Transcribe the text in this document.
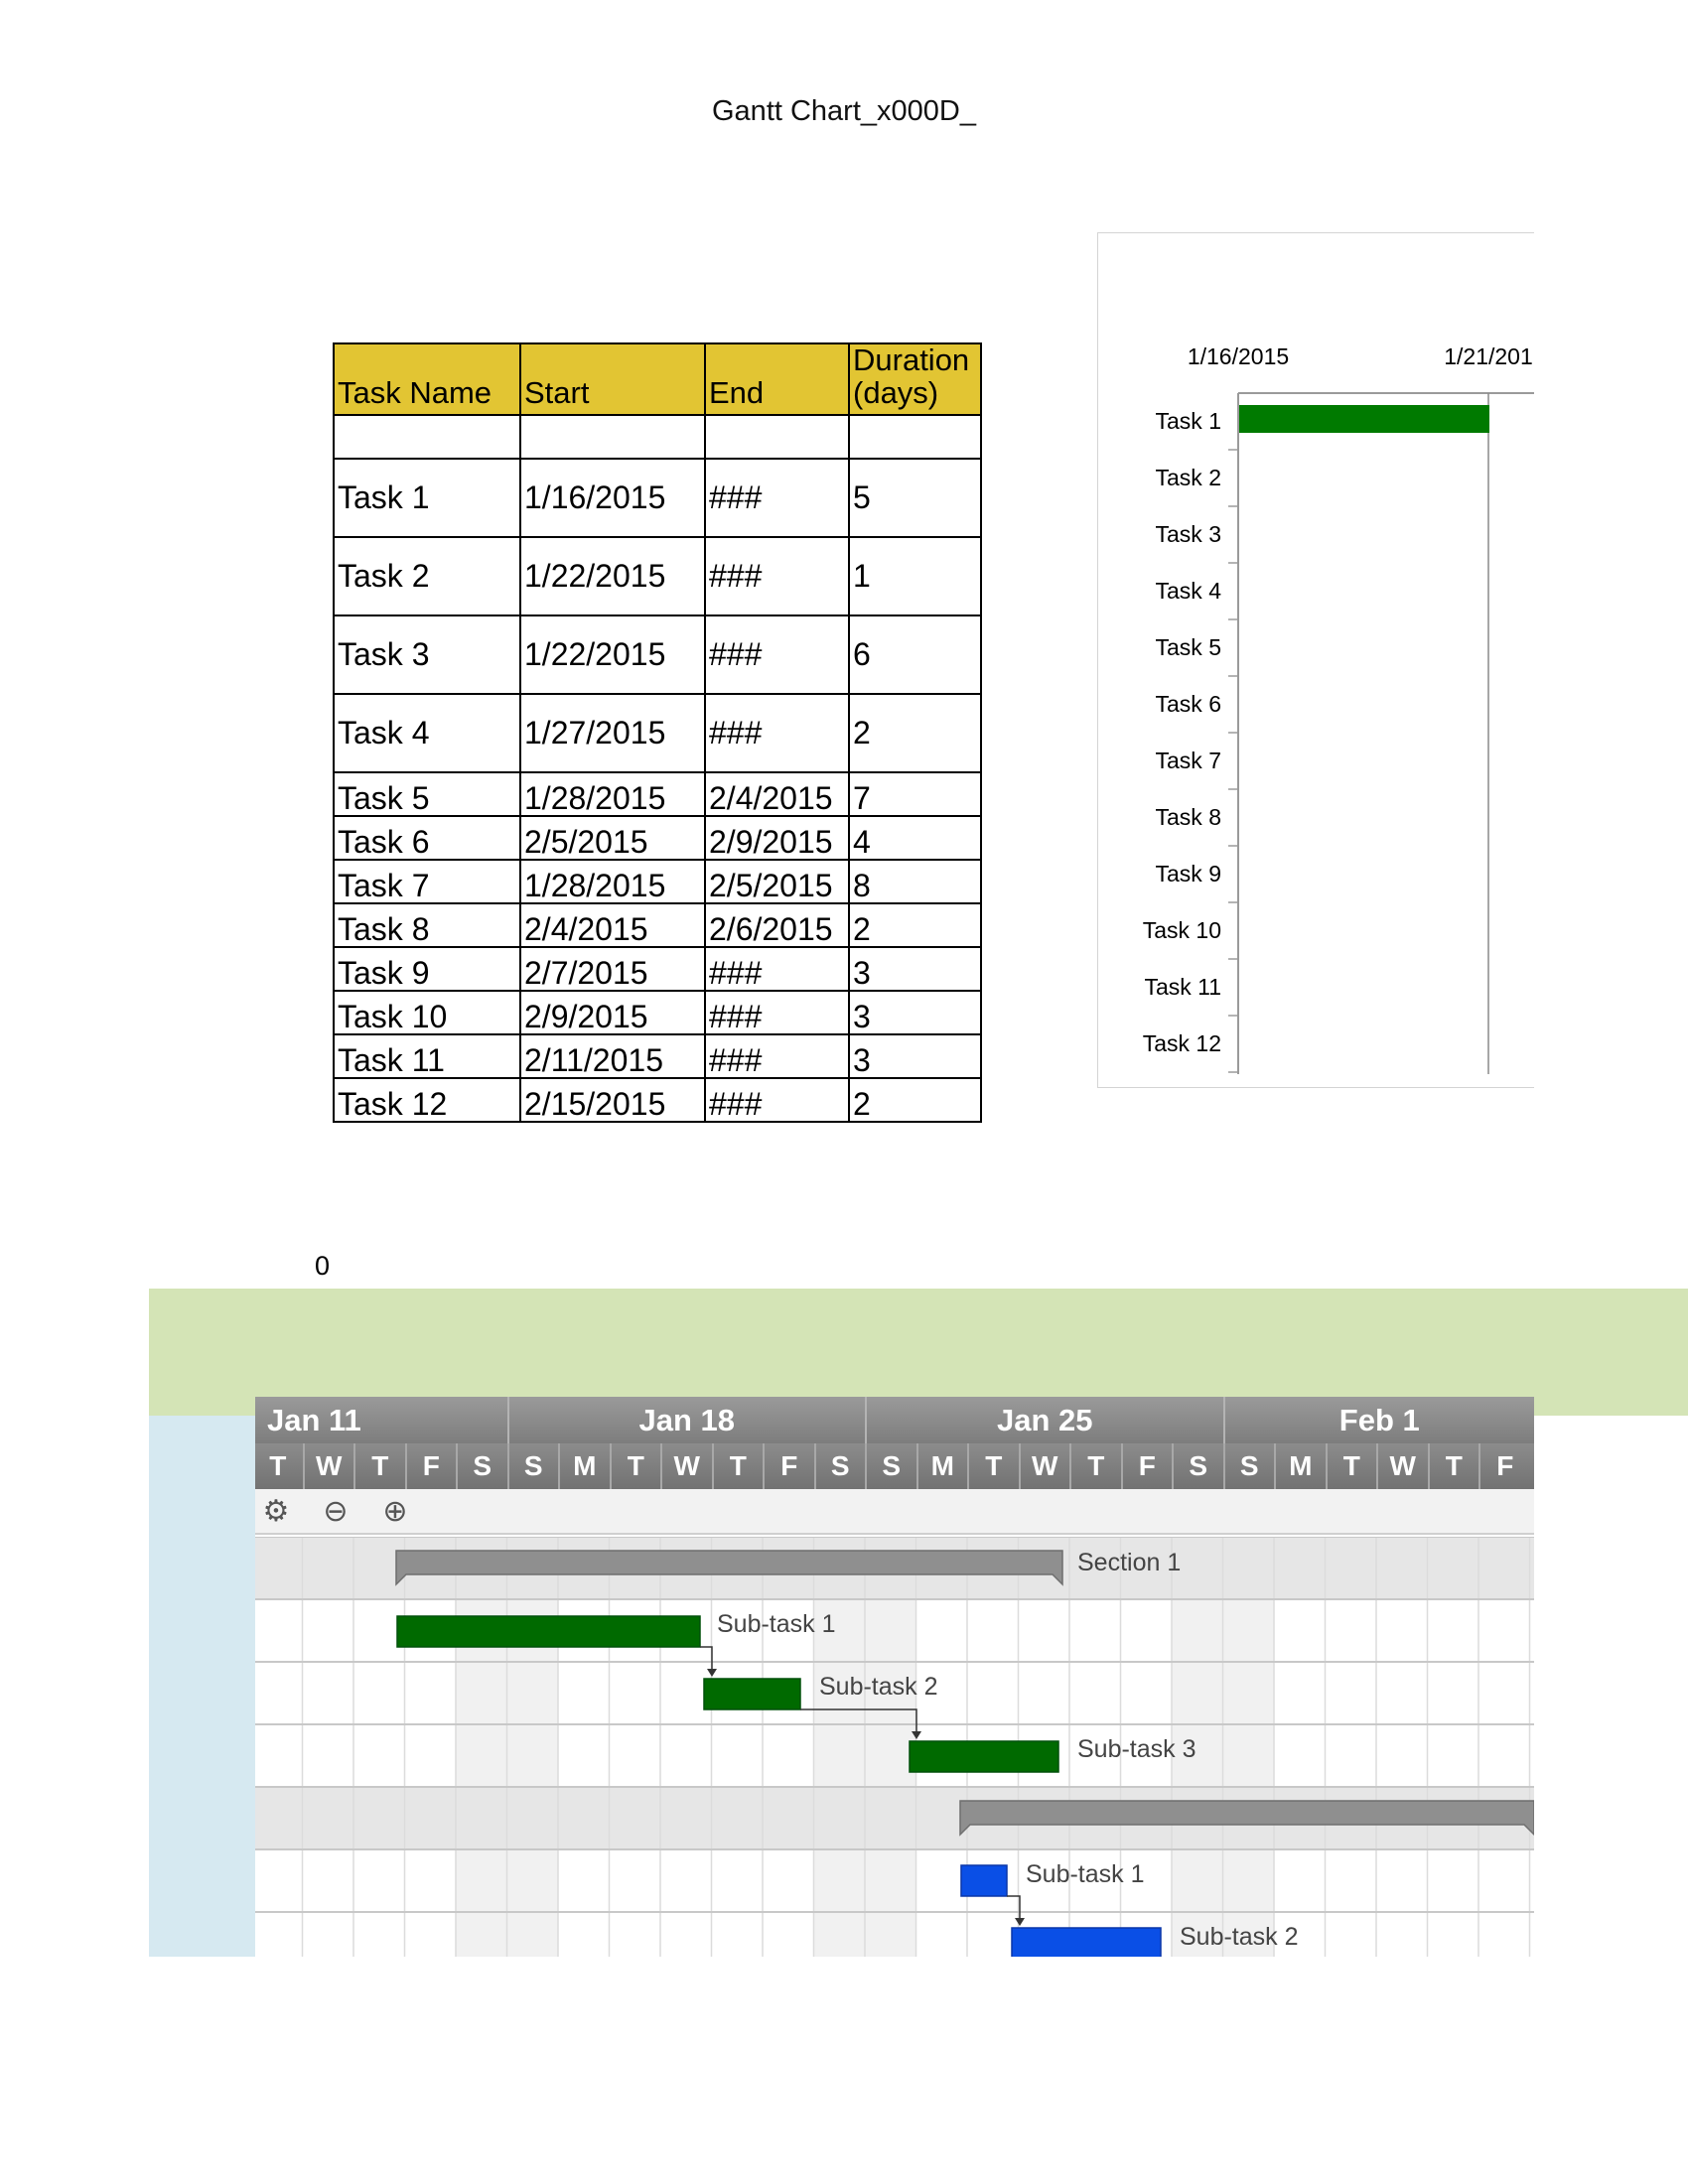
Gantt Chart_x000D_
Task Name	Start	End	Duration (days)

Task 1	1/16/2015	###	5
Task 2	1/22/2015	###	1
Task 3	1/22/2015	###	6
Task 4	1/27/2015	###	2
Task 5	1/28/2015	2/4/2015	7
Task 6	2/5/2015	2/9/2015	4
Task 7	1/28/2015	2/5/2015	8
Task 8	2/4/2015	2/6/2015	2
Task 9	2/7/2015	###	3
Task 10	2/9/2015	###	3
Task 11	2/11/2015	###	3
Task 12	2/15/2015	###	2
1/16/2015	1/21/201
Task 1
Task 2
Task 3
Task 4
Task 5
Task 6
Task 7
Task 8
Task 9
Task 10
Task 11
Task 12
0
Jan 11	Jan 18	Jan 25	Feb 1
T	W	T	F	S	S	M	T	W	T	F	S	S	M	T	W	T	F	S	S	M	T	W	T	F
⚙ ⊖ ⊕
Section 1
Sub-task 1
Sub-task 2
Sub-task 3
Sub-task 1
Sub-task 2
